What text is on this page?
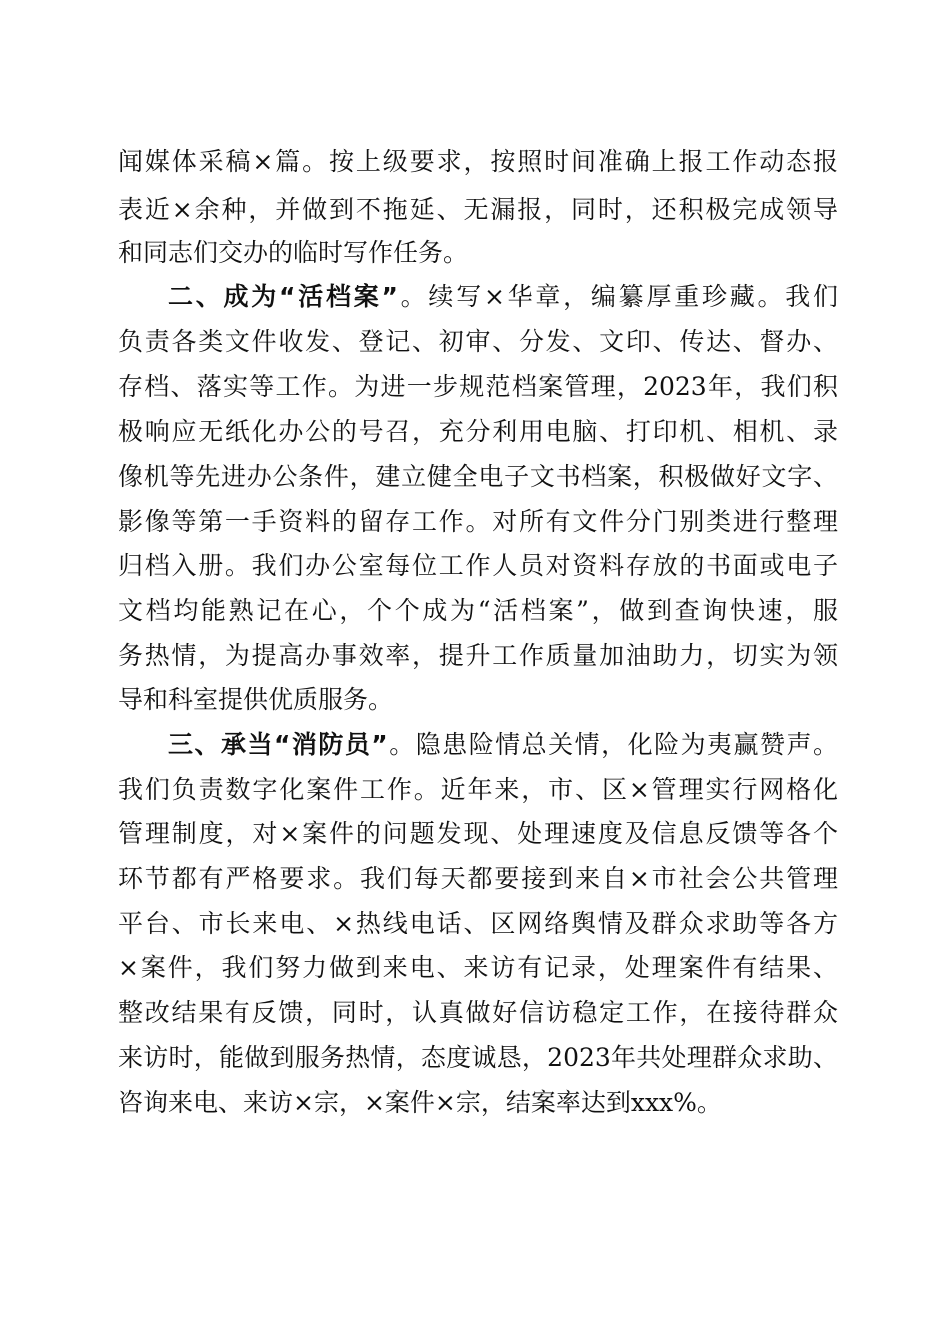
闻媒体采稿×篇。按上级要求，按照时间准确上报工作动态报
表近×余种，并做到不拖延、无漏报，同时，还积极完成领导
和同志们交办的临时写作任务。
二、成为“活档案”。续写×华章，编纂厚重珍藏。我们
负责各类文件收发、登记、初审、分发、文印、传达、督办、
存档、落实等工作。为进一步规范档案管理，2023年，我们积
极响应无纸化办公的号召，充分利用电脑、打印机、相机、录
像机等先进办公条件，建立健全电子文书档案，积极做好文字、
影像等第一手资料的留存工作。对所有文件分门别类进行整理
归档入册。我们办公室每位工作人员对资料存放的书面或电子
文档均能熟记在心，个个成为“活档案”，做到查询快速，服
务热情，为提高办事效率，提升工作质量加油助力，切实为领
导和科室提供优质服务。
三、承当“消防员”。隐患险情总关情，化险为夷赢赞声。
我们负责数字化案件工作。近年来，市、区×管理实行网格化
管理制度，对×案件的问题发现、处理速度及信息反馈等各个
环节都有严格要求。我们每天都要接到来自×市社会公共管理
平台、市长来电、×热线电话、区网络舆情及群众求助等各方
×案件，我们努力做到来电、来访有记录，处理案件有结果、
整改结果有反馈，同时，认真做好信访稳定工作，在接待群众
来访时，能做到服务热情，态度诚恳，2023年共处理群众求助、
咨询来电、来访×宗，×案件×宗，结案率达到xxx%。
